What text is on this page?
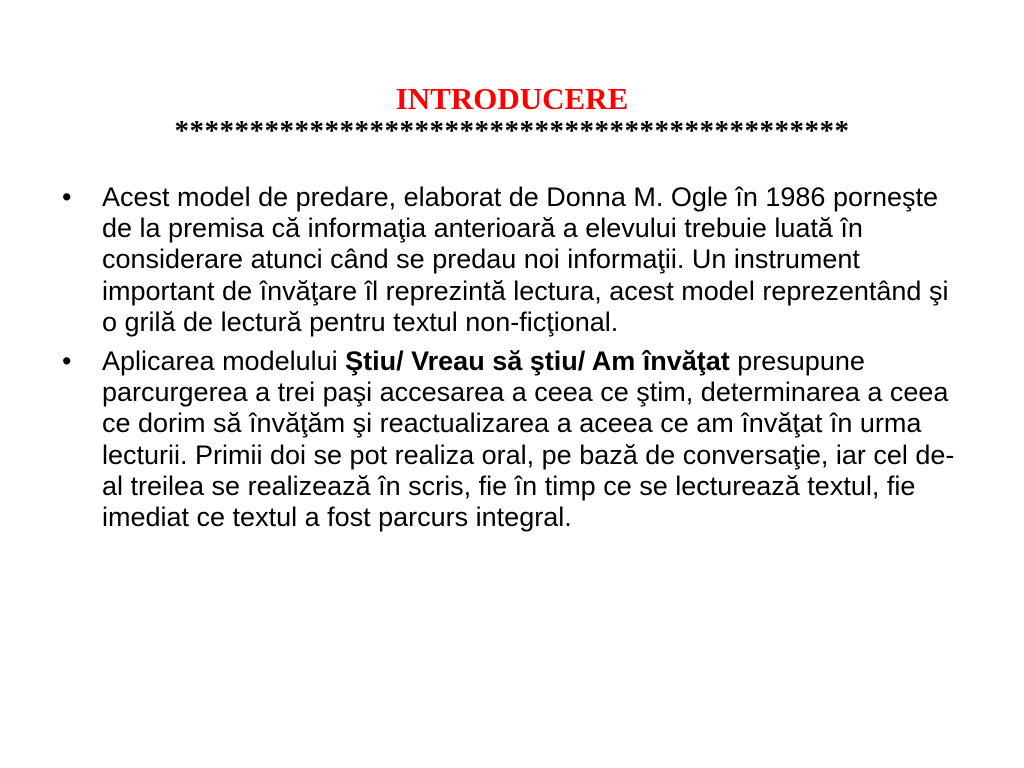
INTRODUCERE
*********************************************
•	Acest model de predare, elaborat de Donna M. Ogle în 1986 porneşte de la premisa că informaţia anterioară a elevului trebuie luată în considerare atunci când se predau noi informaţii. Un instrument important de învăţare îl reprezintă lectura, acest model reprezentând şi o grilă de lectură pentru textul non-ficţional.
•	Aplicarea modelului Ştiu/ Vreau să ştiu/ Am învăţat presupune parcurgerea a trei paşi accesarea a ceea ce ştim, determinarea a ceea ce dorim să învăţăm şi reactualizarea a aceea ce am învăţat în urma lecturii. Primii doi se pot realiza oral, pe bază de conversaţie, iar cel de-al treilea se realizează în scris, fie în timp ce se lecturează textul, fie imediat ce textul a fost parcurs integral.
